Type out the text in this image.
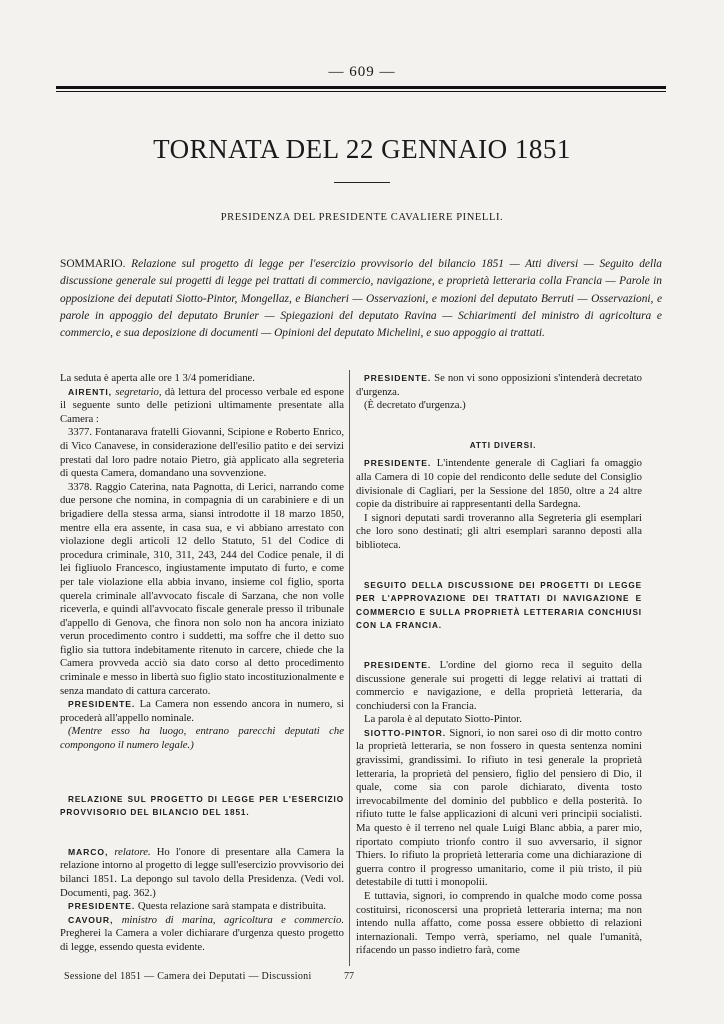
— 609 —
TORNATA DEL 22 GENNAIO 1851
PRESIDENZA DEL PRESIDENTE CAVALIERE PINELLI.
SOMMARIO. Relazione sul progetto di legge per l'esercizio provvisorio del bilancio 1851 — Atti diversi — Seguito della discussione generale sui progetti di legge pei trattati di commercio, navigazione, e proprietà letteraria colla Francia — Parole in opposizione dei deputati Siotto-Pintor, Mongellaz, e Biancheri — Osservazioni, e mozioni del deputato Berruti — Osservazioni, e parole in appoggio del deputato Brunier — Spiegazioni del deputato Ravina — Schiarimenti del ministro di agricoltura e commercio, e sua deposizione di documenti — Opinioni del deputato Michelini, e suo appoggio ai trattati.

La seduta è aperta alle ore 1 3/4 pomeridiane.

AIRENTI, segretario, dà lettura del processo verbale ed espone il seguente sunto delle petizioni ultimamente presentate alla Camera :

3377. Fontanarava fratelli Giovanni, Scipione e Roberto Enrico, di Vico Canavese, in considerazione dell'esilio patito e dei servizi prestati dal loro padre notaio Pietro, già applicato alla segreteria di questa Camera, domandano una sovvenzione.

3378. Raggio Caterina, nata Pagnotta, di Lerici, narrando come due persone che nomina, in compagnia di un carabiniere e di un brigadiere della stessa arma, siansi introdotte il 18 marzo 1850, mentre ella era assente, in casa sua, e vi abbiano arrestato con violazione degli articoli 12 dello Statuto, 51 del Codice di procedura criminale, 310, 311, 243, 244 del Codice penale, il di lei figliuolo Francesco, ingiustamente imputato di furto, e come per tale violazione ella abbia invano, insieme col figlio, sporta querela criminale all'avvocato fiscale di Sarzana, che non volle riceverla, e quindi all'avvocato fiscale generale presso il tribunale d'appello di Genova, che finora non solo non ha ancora iniziato verun procedimento contro i suddetti, ma soffre che il detto suo figlio sia tuttora indebitamente ritenuto in carcere, chiede che la Camera provveda acciò sia dato corso al detto procedimento criminale e messo in libertà suo figlio stato incostituzionalmente e senza mandato di cattura carcerato.

PRESIDENTE. La Camera non essendo ancora in numero, si procederà all'appello nominale.

(Mentre esso ha luogo, entrano parecchi deputati che compongono il numero legale.)

RELAZIONE SUL PROGETTO DI LEGGE PER L'ESERCIZIO PROVVISORIO DEL BILANCIO DEL 1851.

MARCO, relatore. Ho l'onore di presentare alla Camera la relazione intorno al progetto di legge sull'esercizio provvisorio dei bilanci 1851. La depongo sul tavolo della Presidenza. (Vedi vol. Documenti, pag. 362.)

PRESIDENTE. Questa relazione sarà stampata e distribuita.

CAVOUR, ministro di marina, agricoltura e commercio. Pregherei la Camera a voler dichiarare d'urgenza questo progetto di legge, essendo questa evidente.

PRESIDENTE. Se non vi sono opposizioni s'intenderà decretato d'urgenza.

(È decretato d'urgenza.)

ATTI DIVERSI.

PRESIDENTE. L'intendente generale di Cagliari fa omaggio alla Camera di 10 copie del rendiconto delle sedute del Consiglio divisionale di Cagliari, per la Sessione del 1850, oltre a 24 altre copie da distribuire ai rappresentanti della Sardegna.

I signori deputati sardi troveranno alla Segreteria gli esemplari che loro sono destinati; gli altri esemplari saranno deposti alla biblioteca.

SEGUITO DELLA DISCUSSIONE DEI PROGETTI DI LEGGE PER L'APPROVAZIONE DEI TRATTATI DI NAVIGAZIONE E COMMERCIO E SULLA PROPRIETÀ LETTERARIA CONCHIUSI CON LA FRANCIA.

PRESIDENTE. L'ordine del giorno reca il seguito della discussione generale sui progetti di legge relativi ai trattati di commercio e navigazione, e della proprietà letteraria, da conchiudersi con la Francia.

La parola è al deputato Siotto-Pintor.

SIOTTO-PINTOR. Signori, io non sarei oso di dir motto contro la proprietà letteraria, se non fossero in questa sentenza nomini gravissimi, grandissimi. Io rifiuto in tesi generale la proprietà letteraria, la proprietà del pensiero, figlio del pensiero di Dio, il quale, come sia con parole dichiarato, diventa tosto irrevocabilmente del dominio del pubblico e della posterità. Io rifiuto tutte le false applicazioni di alcuni veri principii socialisti. Ma questo è il terreno nel quale Luigi Blanc abbia, a parer mio, riportato compiuto trionfo contro il suo avversario, il signor Thiers. Io rifiuto la proprietà letteraria come una dichiarazione di guerra contro il progresso umanitario, come il più tristo, il più detestabile di tutti i monopolii.

E tuttavia, signori, io comprendo in qualche modo come possa costituirsi, riconoscersi una proprietà letteraria interna; ma non intendo nulla affatto, come possa essere obbietto di relazioni internazionali. Tempo verrà, speriamo, nel quale l'umanità, rifacendo un passo indietro farà, come

Sessione del 1851 — Camera dei Deputati — Discussioni	77
